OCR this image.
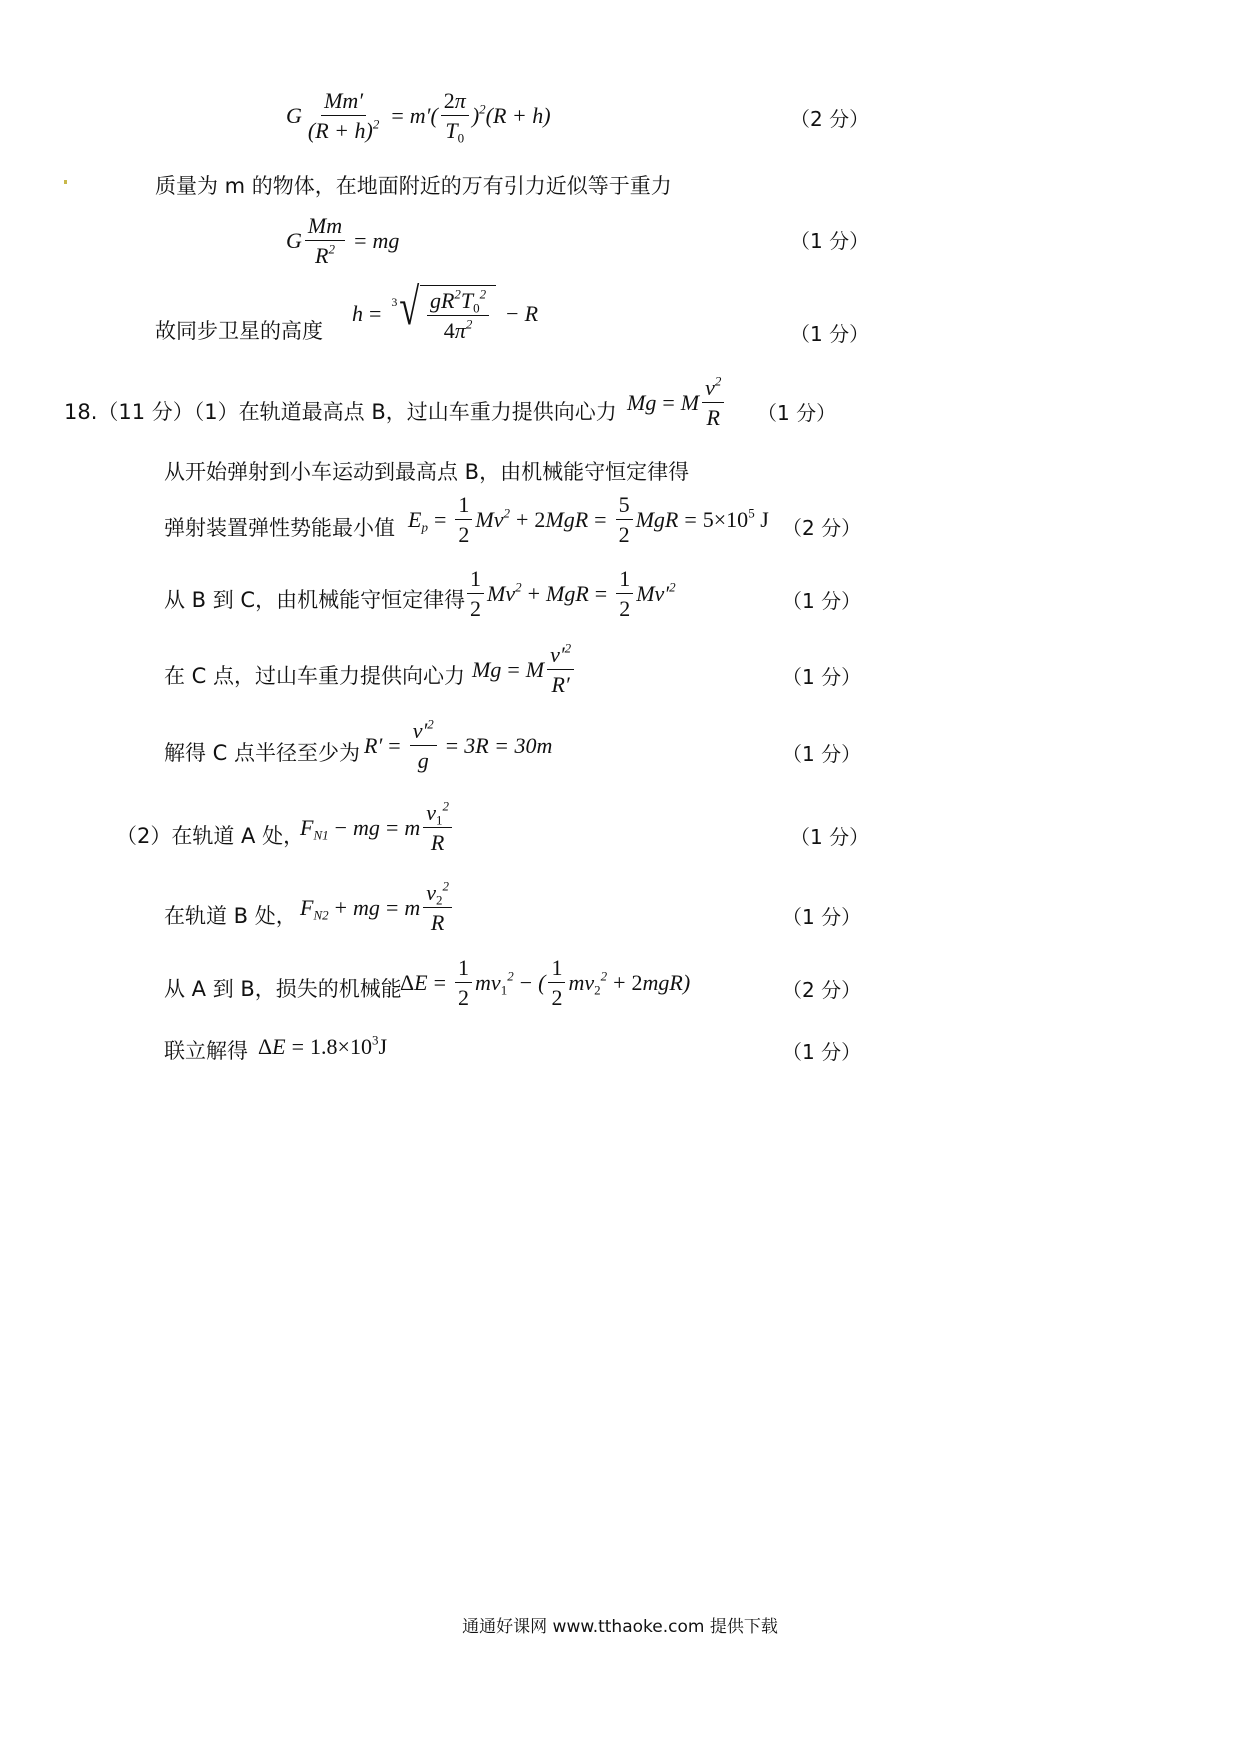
G $\frac{Mm'}{(R + h)^2} = m'( \frac{2\pi}{T_0} )^2(R + h)$	（2 分）
质量为 m 的物体，在地面附近的万有引力近似等于重力
G $\frac{Mm}{R^2}$ = mg	（1 分）
故同步卫星的高度
h = 3 √ $\frac{gR^2T_0^2}{4\pi^2} - R$
（1 分）
18.（11 分）（1）在轨道最高点 B，过山车重力提供向心力 Mg = M $\frac{v^2}{R} (1$ 分）
从开始弹射到小车运动到最高点 B，由机械能守恒定律得
弹射装置弹性势能最小值 $E_p = \frac{1}{2} Mv^2 + 2MgR = \frac{5}{2}$ MgR = $5\times 10^5$ J （2 分）
从 B 到 C，由机械能守恒定律得 $\frac{1}{2} Mv^2$ + MgR = $\frac{1}{2} Mv'^2$
（1 分）
在 C 点，过山车重力提供向心力 Mg = M $\frac{v'^2}{R'}$	（1 分）
解得 C 点半径至少为 $R' = \frac{v'^2}{g} = 3R = 30m$	（1 分）
（2）在轨道 A 处，
$F_{N1}$ − mg = m $\frac{v_1^2}{R}$	（1 分）
在轨道 B 处， $F_{N2}$ + mg = m $\frac{v_2^2}{R}$	（1 分）
从 A 到 B，损失的机械能
$\Delta E = \frac{1}{2} mv_1^2$ − ( $\frac{1}{2} mv_2^2 + 2mgR$)	（2 分）
联立解得 $\Delta E = 1.8\times 10^3J$	（1 分）
通通好课网 www.tthaoke.com 提供下载
